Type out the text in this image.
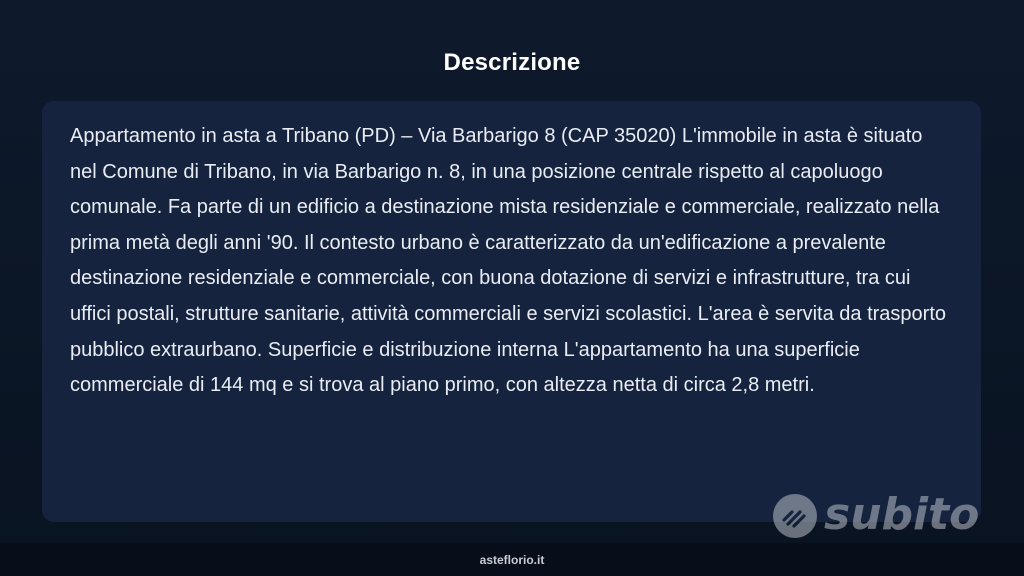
Descrizione

Appartamento in asta a Tribano (PD) – Via Barbarigo 8 (CAP 35020) L'immobile in asta è situato nel Comune di Tribano, in via Barbarigo n. 8, in una posizione centrale rispetto al capoluogo comunale. Fa parte di un edificio a destinazione mista residenziale e commerciale, realizzato nella prima metà degli anni '90. Il contesto urbano è caratterizzato da un'edificazione a prevalente destinazione residenziale e commerciale, con buona dotazione di servizi e infrastrutture, tra cui uffici postali, strutture sanitarie, attività commerciali e servizi scolastici. L'area è servita da trasporto pubblico extraurbano. Superficie e distribuzione interna L'appartamento ha una superficie commerciale di 144 mq e si trova al piano primo, con altezza netta di circa 2,8 metri.

subito
asteflorio.it
